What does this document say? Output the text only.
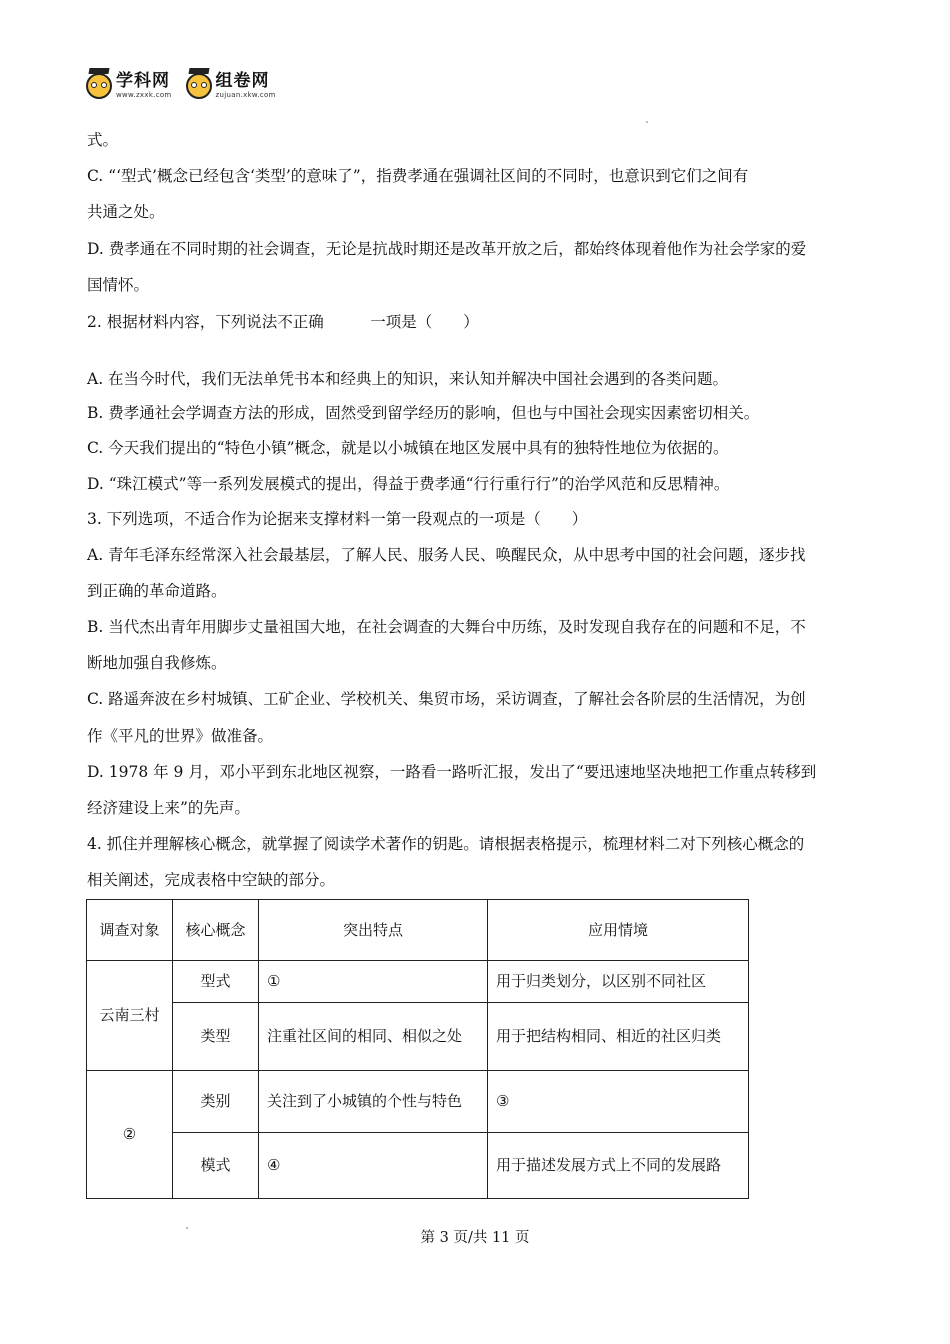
学科网
www.zxxk.com
组卷网
zujuan.xkw.com
式。
C. “‘型式’概念已经包含‘类型’的意味了”，指费孝通在强调社区间的不同时，也意识到它们之间有
共通之处。
D. 费孝通在不同时期的社会调查，无论是抗战时期还是改革开放之后，都始终体现着他作为社会学家的爱
国情怀。
2. 根据材料内容，下列说法不正确　　　一项是（　　）
A. 在当今时代，我们无法单凭书本和经典上的知识，来认知并解决中国社会遇到的各类问题。
B. 费孝通社会学调查方法的形成，固然受到留学经历的影响，但也与中国社会现实因素密切相关。
C. 今天我们提出的“特色小镇”概念，就是以小城镇在地区发展中具有的独特性地位为依据的。
D. “珠江模式”等一系列发展模式的提出，得益于费孝通“行行重行行”的治学风范和反思精神。
3. 下列选项，不适合作为论据来支撑材料一第一段观点的一项是（　　）
A. 青年毛泽东经常深入社会最基层，了解人民、服务人民、唤醒民众，从中思考中国的社会问题，逐步找
到正确的革命道路。
B. 当代杰出青年用脚步丈量祖国大地，在社会调查的大舞台中历练，及时发现自我存在的问题和不足，不
断地加强自我修炼。
C. 路遥奔波在乡村城镇、工矿企业、学校机关、集贸市场，采访调查，了解社会各阶层的生活情况，为创
作《平凡的世界》做准备。
D. 1978 年 9 月，邓小平到东北地区视察，一路看一路听汇报，发出了“要迅速地坚决地把工作重点转移到
经济建设上来”的先声。
4. 抓住并理解核心概念，就掌握了阅读学术著作的钥匙。请根据表格提示，梳理材料二对下列核心概念的
相关阐述，完成表格中空缺的部分。
调查对象	核心概念	突出特点	应用情境
云南三村	型式	①	用于归类划分，以区别不同社区
	类型	注重社区间的相同、相似之处	用于把结构相同、相近的社区归类
②	类别	关注到了小城镇的个性与特色	③
	模式	④	用于描述发展方式上不同的发展路
第 3 页/共 11 页
